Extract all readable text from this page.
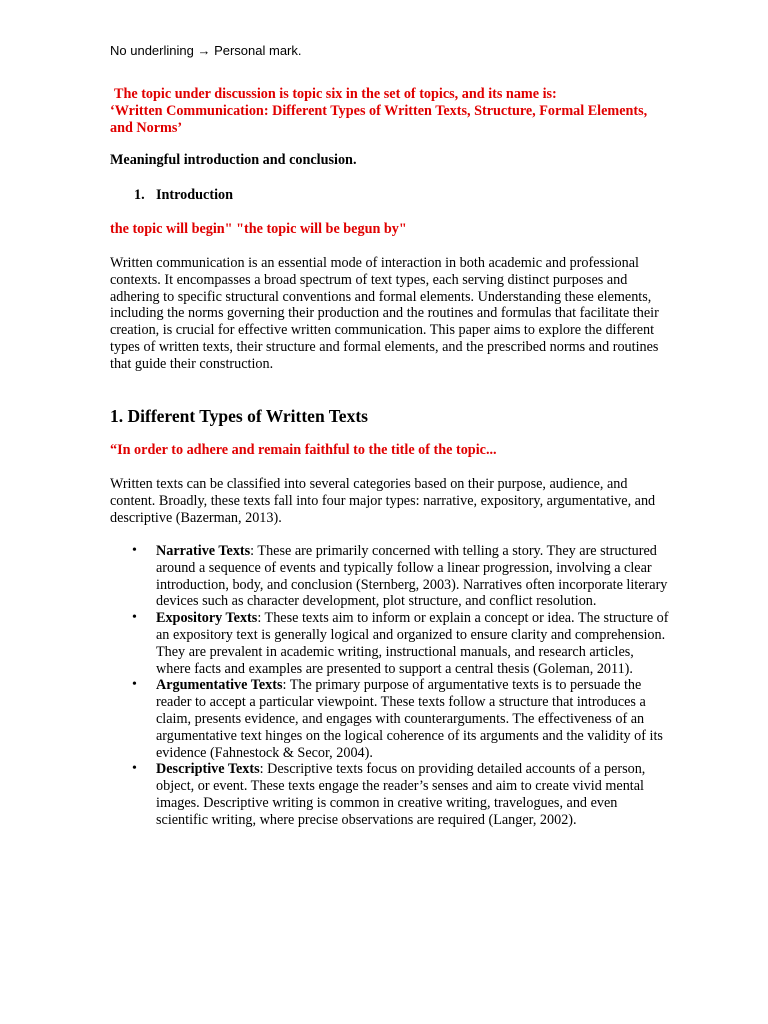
No underlining → Personal mark.
The topic under discussion is topic six in the set of topics, and its name is:
‘Written Communication: Different Types of Written Texts, Structure, Formal Elements, and Norms’
Meaningful introduction and conclusion.
1. Introduction
the topic will begin" "the topic will be begun by"
Written communication is an essential mode of interaction in both academic and professional contexts. It encompasses a broad spectrum of text types, each serving distinct purposes and adhering to specific structural conventions and formal elements. Understanding these elements, including the norms governing their production and the routines and formulas that facilitate their creation, is crucial for effective written communication. This paper aims to explore the different types of written texts, their structure and formal elements, and the prescribed norms and routines that guide their construction.
1. Different Types of Written Texts
“In order to adhere and remain faithful to the title of the topic...
Written texts can be classified into several categories based on their purpose, audience, and content. Broadly, these texts fall into four major types: narrative, expository, argumentative, and descriptive (Bazerman, 2013).
• Narrative Texts: These are primarily concerned with telling a story. They are structured around a sequence of events and typically follow a linear progression, involving a clear introduction, body, and conclusion (Sternberg, 2003). Narratives often incorporate literary devices such as character development, plot structure, and conflict resolution.
• Expository Texts: These texts aim to inform or explain a concept or idea. The structure of an expository text is generally logical and organized to ensure clarity and comprehension. They are prevalent in academic writing, instructional manuals, and research articles, where facts and examples are presented to support a central thesis (Goleman, 2011).
• Argumentative Texts: The primary purpose of argumentative texts is to persuade the reader to accept a particular viewpoint. These texts follow a structure that introduces a claim, presents evidence, and engages with counterarguments. The effectiveness of an argumentative text hinges on the logical coherence of its arguments and the validity of its evidence (Fahnestock & Secor, 2004).
• Descriptive Texts: Descriptive texts focus on providing detailed accounts of a person, object, or event. These texts engage the reader’s senses and aim to create vivid mental images. Descriptive writing is common in creative writing, travelogues, and even scientific writing, where precise observations are required (Langer, 2002).
